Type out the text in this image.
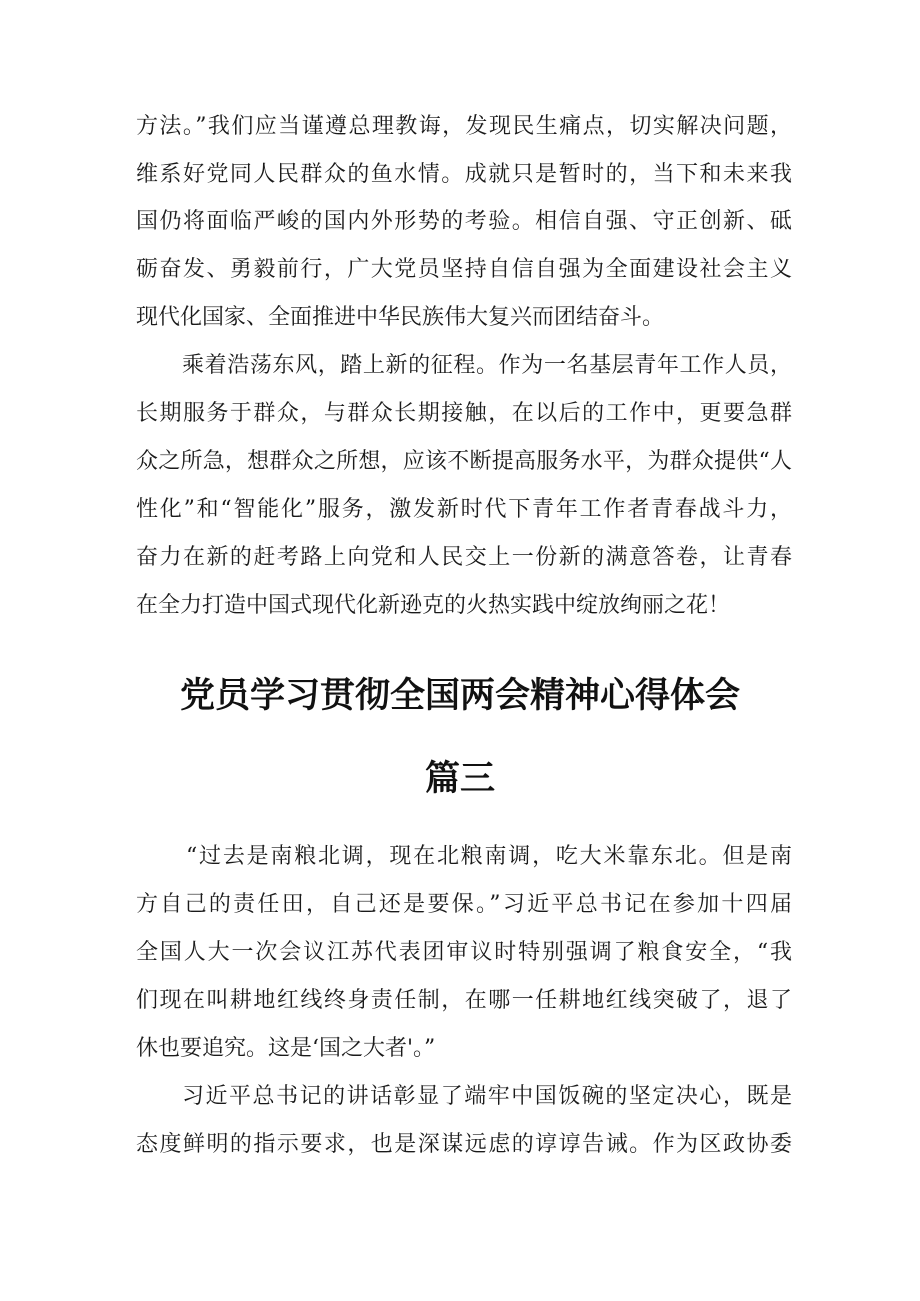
方法。”我们应当谨遵总理教诲，发现民生痛点，切实解决问题，
维系好党同人民群众的鱼水情。成就只是暂时的，当下和未来我
国仍将面临严峻的国内外形势的考验。相信自强、守正创新、砥
砺奋发、勇毅前行，广大党员坚持自信自强为全面建设社会主义
现代化国家、全面推进中华民族伟大复兴而团结奋斗。
乘着浩荡东风，踏上新的征程。作为一名基层青年工作人员，
长期服务于群众，与群众长期接触，在以后的工作中，更要急群
众之所急，想群众之所想，应该不断提高服务水平，为群众提供“人
性化”和“智能化”服务，激发新时代下青年工作者青春战斗力，
奋力在新的赶考路上向党和人民交上一份新的满意答卷，让青春
在全力打造中国式现代化新逊克的火热实践中绽放绚丽之花！
党员学习贯彻全国两会精神心得体会
篇三
“过去是南粮北调，现在北粮南调，吃大米靠东北。但是南
方自己的责任田，自己还是要保。”习近平总书记在参加十四届
全国人大一次会议江苏代表团审议时特别强调了粮食安全，“我
们现在叫耕地红线终身责任制，在哪一任耕地红线突破了，退了
休也要追究。这是‘国之大者'。”
习近平总书记的讲话彰显了端牢中国饭碗的坚定决心，既是
态度鲜明的指示要求，也是深谋远虑的谆谆告诫。作为区政协委
